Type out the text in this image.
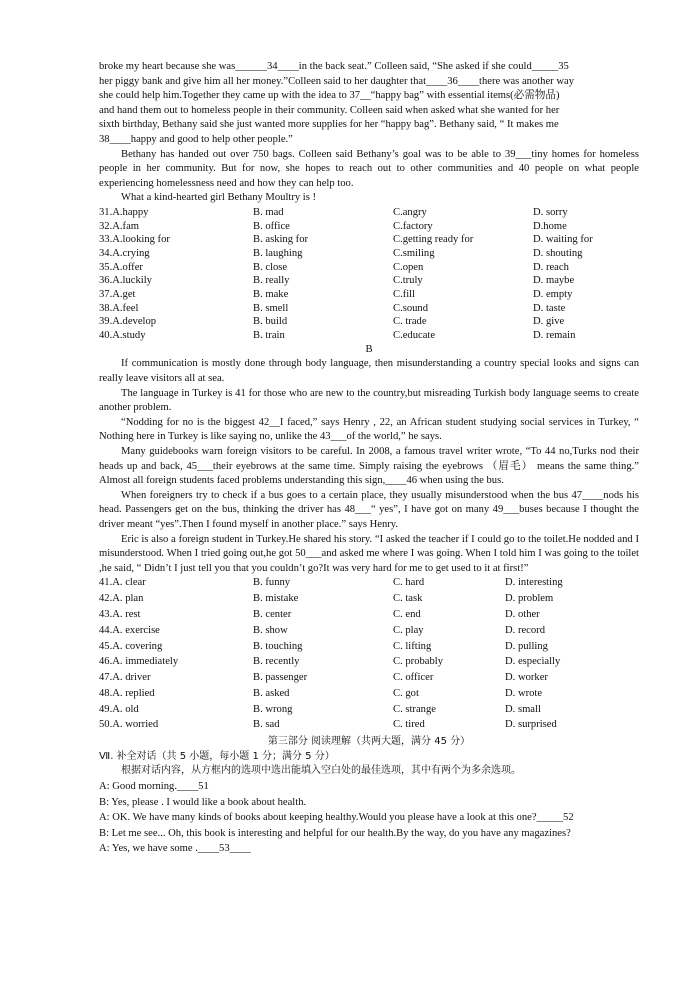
broke my heart because she was______34____in the back seat.” Colleen said, “She asked if she could_____35

her piggy bank and give him all her money.”Colleen said to her daughter that____36____there was another way

she could help him.Together they came up with the idea to 37__“happy bag” with essential items(必需物品)

and hand them out to homeless people in their community. Colleen said when asked what she wanted for her

sixth birthday, Bethany said she just wanted more supplies for her “happy bag”. Bethany said, “ It makes me

38____happy and good to help other people.”

Bethany has handed out over 750 bags. Colleen said Bethany’s goal was to be able to 39___tiny homes for homeless people in her community. But for now, she hopes to reach out to other communities and 40 people on what people experiencing homelessness need and how they can help too.

What a kind-hearted girl Bethany Moultry is !

31.A.happy	B. mad	C.angry	D. sorry
32.A.fam	B. office	C.factory	D.home
33.A.looking for	B. asking for	C.getting ready for	D. waiting for
34.A.crying	B. laughing	C.smiling	D. shouting
35.A.offer	B. close	C.open	D. reach
36.A.luckily	B. really	C.truly	D. maybe
37.A.get	B. make	C.fill	D. empty
38.A.feel	B. smell	C.sound	D. taste
39.A.develop	B. build	C. trade	D. give
40.A.study	B. train	C.educate	D. remain

B

If communication is mostly done through body language, then misunderstanding a country special looks and signs can really leave visitors all at sea.

The language in Turkey is 41 for those who are new to the country,but misreading Turkish body language seems to create another problem.

“Nodding for no is the biggest 42__I faced,” says Henry , 22, an African student studying social services in Turkey, “ Nothing here in Turkey is like saying no, unlike the 43___of the world,” he says.

Many guidebooks warn foreign visitors to be careful. In 2008, a famous travel writer wrote, “To 44 no,Turks nod their heads up and back, 45___their eyebrows at the same time. Simply raising the eyebrows （眉毛） means the same thing.” Almost all foreign students faced problems understanding this sign,____46 when using the bus.

When foreigners try to check if a bus goes to a certain place, they usually misunderstood when the bus 47____nods his head. Passengers get on the bus, thinking the driver has 48___“ yes”, I have got on many 49___buses because I thought the driver meant “yes”.Then I found myself in another place.” says Henry.

Eric is also a foreign student in Turkey.He shared his story. “I asked the teacher if I could go to the toilet.He nodded and I misunderstood. When I tried going out,he got 50___and asked me where I was going. When I told him I was going to the toilet ,he said, “ Didn’t I just tell you that you couldn’t go?It was very hard for me to get used to it at first!”

41.A. clear	B. funny	C. hard	D. interesting
42.A. plan	B. mistake	C. task	D. problem
43.A. rest	B. center	C. end	D. other
44.A. exercise	B. show	C. play	D. record
45.A. covering	B. touching	C. lifting	D. pulling
46.A. immediately	B. recently	C. probably	D. especially
47.A. driver	B. passenger	C. officer	D. worker
48.A. replied	B. asked	C. got	D. wrote
49.A. old	B. wrong	C. strange	D. small
50.A. worried	B. sad	C. tired	D. surprised

第三部分 阅读理解（共两大题，满分 45 分）

Ⅶ. 补全对话（共 5 小题，每小题 1 分；满分 5 分）

根据对话内容，从方框内的选项中选出能填入空白处的最佳选项，其中有两个为多余选项。

A: Good morning.____51

B: Yes, please . I would like a book about health.

A: OK. We have many kinds of books about keeping healthy.Would you please have a look at this one?_____52

B: Let me see... Oh, this book is interesting and helpful for our health.By the way, do you have any magazines?

A: Yes, we have some .____53____
